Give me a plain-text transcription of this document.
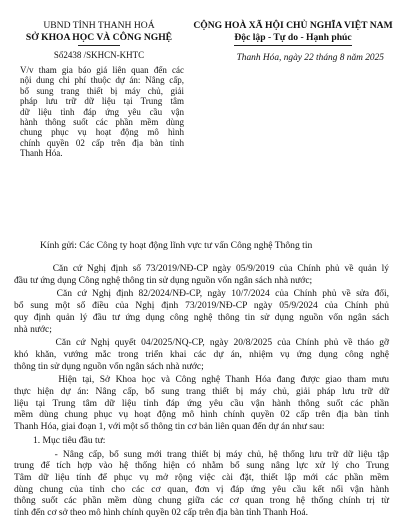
UBND TỈNH THANH HOÁ
SỞ KHOA HỌC VÀ CÔNG NGHỆ
Số2438 /SKHCN-KHTC
V/v tham gia báo giá liên quan đến các
nội dung chi phí thuộc dự án: Nâng cấp,
bổ sung trang thiết bị máy chủ, giải
pháp lưu trữ dữ liệu tại Trung tâm
dữ liệu tỉnh đáp ứng yêu cầu vận
hành thông suốt các phần mềm dùng
chung phục vụ hoạt động mô hình
chính quyền 02 cấp trên địa bàn tỉnh
Thanh Hóa.
CỘNG HOÀ XÃ HỘI CHỦ NGHĨA VIỆT NAM
Độc lập - Tự do - Hạnh phúc
Thanh Hóa, ngày 22 tháng 8 năm 2025
Kính gửi: Các Công ty hoạt động lĩnh vực tư vấn Công nghệ Thông tin
Căn cứ Nghị định số 73/2019/NĐ-CP ngày 05/9/2019 của Chính phủ về quản lý
đầu tư ứng dụng Công nghệ thông tin sử dụng nguồn vốn ngân sách nhà nước;
Căn cứ Nghị định 82/2024/NĐ-CP, ngày 10/7/2024 của Chính phủ về sửa đổi,
bổ sung một số điều của Nghị định 73/2019/NĐ-CP ngày 05/9/2024 của Chính phủ
quy định quản lý đầu tư ứng dụng công nghệ thông tin sử dụng nguồn vốn ngân sách
nhà nước;
Căn cứ Nghị quyết 04/2025/NQ-CP, ngày 20/8/2025 của Chính phủ về tháo gỡ
khó khăn, vướng mắc trong triển khai các dự án, nhiệm vụ ứng dụng công nghệ
thông tin sử dụng nguồn vốn ngân sách nhà nước;
Hiện tại, Sở Khoa học và Công nghệ Thanh Hóa đang được giao tham mưu
thực hiện dự án: Nâng cấp, bổ sung trang thiết bị máy chủ, giải pháp lưu trữ dữ
liệu tại Trung tâm dữ liệu tỉnh đáp ứng yêu cầu vận hành thông suốt các phần
mềm dùng chung phục vụ hoạt động mô hình chính quyền 02 cấp trên địa bàn tỉnh
Thanh Hóa, giai đoạn 1, với một số thông tin cơ bản liên quan đến dự án như sau:
1. Mục tiêu đầu tư:
- Nâng cấp, bổ sung mới trang thiết bị máy chủ, hệ thống lưu trữ dữ liệu tập
trung để tích hợp vào hệ thống hiện có nhằm bổ sung nâng lực xử lý cho Trung
Tâm dữ liệu tính để phục vụ mở rộng việc cài đặt, thiết lập mới các phần mềm
dùng chung của tỉnh cho các cơ quan, đơn vị đáp ứng yêu cầu kết nối vận hành
thông suốt các phần mềm dùng chung giữa các cơ quan trong hệ thống chính trị từ
tỉnh đến cơ sở theo mô hình chính quyền 02 cấp trên địa bàn tỉnh Thanh Hoá.
